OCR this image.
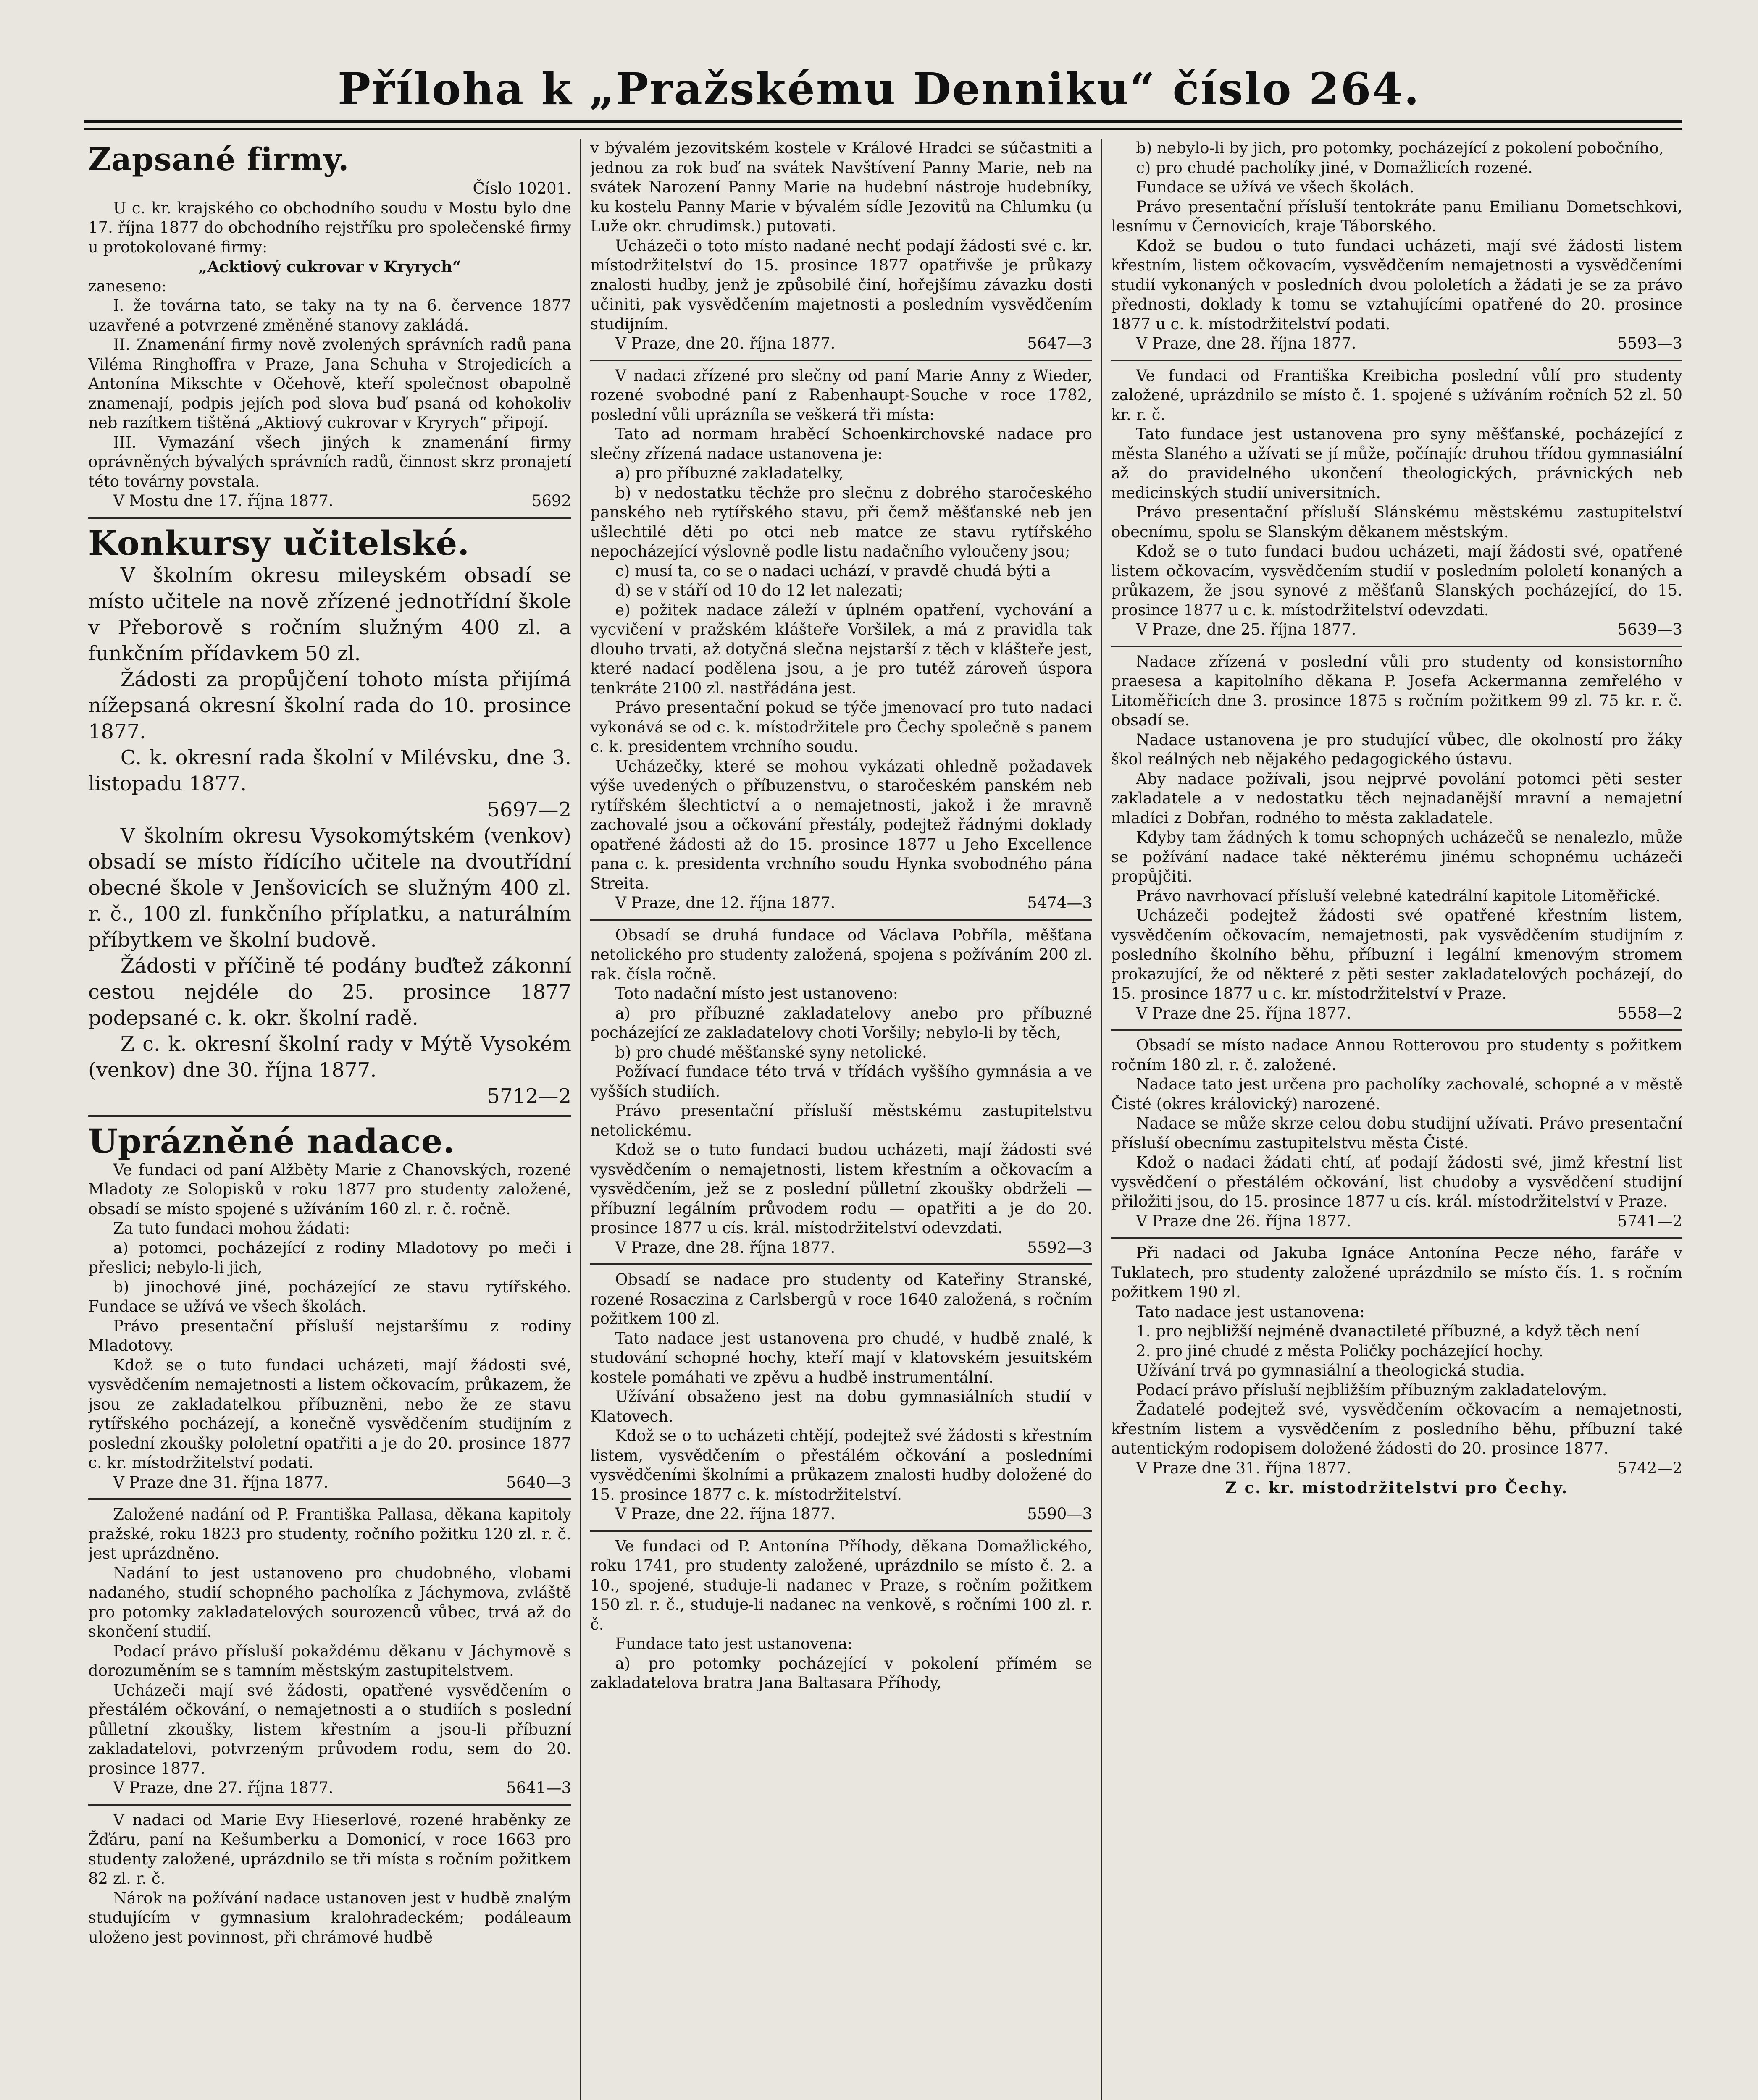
Příloha k „Pražskému Denniku“ číslo 264.
Zapsané firmy.

Číslo 10201.

U c. kr. krajského co obchodního soudu v Mostu bylo dne 17. října 1877 do obchodního rejstříku pro společenské firmy u protokolované firmy:

„Acktiový cukrovar v Kryrych“

zaneseno:

I. že továrna tato, se taky na ty na 6. července 1877 uzavřené a potvrzené změněné stanovy zakládá.

II. Znamenání firmy nově zvolených správních radů pana Viléma Ringhoffra v Praze, Jana Schuha v Strojedicích a Antonína Mikschte v Očehově, kteří společnost obapolně znamenají, podpis jejích pod slova buď psaná od kohokoliv neb razítkem tištěná „Aktiový cukrovar v Kryrych“ připojí.

III. Vymazání všech jiných k znamenání firmy oprávněných bývalých správních radů, činnost skrz pronajetí této továrny povstala.

V Mostu dne 17. října 1877.	5692

Konkursy učitelské.

V školním okresu mileyském obsadí se místo učitele na nově zřízené jednotřídní škole v Přeborově s ročním služným 400 zl. a funkčním přídavkem 50 zl.

Žádosti za propůjčení tohoto místa přijímá nížepsaná okresní školní rada do 10. prosince 1877.

C. k. okresní rada školní v Milévsku, dne 3. listopadu 1877.

5697—2

V školním okresu Vysokomýtském (venkov) obsadí se místo řídícího učitele na dvoutřídní obecné škole v Jenšovicích se služným 400 zl. r. č., 100 zl. funkčního příplatku, a naturálním příbytkem ve školní budově.

Žádosti v příčině té podány buďtež zákonní cestou nejdéle do 25. prosince 1877 podepsané c. k. okr. školní radě.

Z c. k. okresní školní rady v Mýtě Vysokém (venkov) dne 30. října 1877.

5712—2

Uprázněné nadace.

Ve fundaci od paní Alžběty Marie z Chanovských, rozené Mladoty ze Solopisků v roku 1877 pro studenty založené, obsadí se místo spojené s užíváním 160 zl. r. č. ročně.

Za tuto fundaci mohou žádati:

a) potomci, pocházející z rodiny Mladotovy po meči i přeslici; nebylo-li jich,

b) jinochové jiné, pocházející ze stavu rytířského. Fundace se užívá ve všech školách.

Právo presentační přísluší nejstaršímu z rodiny Mladotovy.

Kdož se o tuto fundaci ucházeti, mají žádosti své, vysvědčením nemajetnosti a listem očkovacím, průkazem, že jsou ze zakladatelkou příbuzněni, nebo že ze stavu rytířského pocházejí, a konečně vysvědčením studijním z poslední zkoušky pololetní opatřiti a je do 20. prosince 1877 c. kr. místodržitelství podati.

V Praze dne 31. října 1877.	5640—3

Založené nadání od P. Františka Pallasa, děkana kapitoly pražské, roku 1823 pro studenty, ročního požitku 120 zl. r. č. jest uprázdněno.

Nadání to jest ustanoveno pro chudobného, vlobami nadaného, studií schopného pacholíka z Jáchymova, zvláště pro potomky zakladatelových sourozenců vůbec, trvá až do skončení studií.

Podací právo přísluší pokaždému děkanu v Jáchymově s dorozuměním se s tamním městským zastupitelstvem.

Ucházeči mají své žádosti, opatřené vysvědčením o přestálém očkování, o nemajetnosti a o studiích s poslední půlletní zkoušky, listem křestním a jsou-li příbuzní zakladatelovi, potvrzeným průvodem rodu, sem do 20. prosince 1877.

V Praze, dne 27. října 1877.	5641—3

V nadaci od Marie Evy Hieserlové, rozené hraběnky ze Žďáru, paní na Kešumberku a Domonicí, v roce 1663 pro studenty založené, uprázdnilo se tři místa s ročním požitkem 82 zl. r. č.

Nárok na požívání nadace ustanoven jest v hudbě znalým studujícím v gymnasium kralohradeckém; podáleaum uloženo jest povinnost, při chrámové hudbě

v bývalém jezovitském kostele v Králové Hradci se súčastniti a jednou za rok buď na svátek Navštívení Panny Marie, neb na svátek Narození Panny Marie na hudební nástroje hudebníky, ku kostelu Panny Marie v bývalém sídle Jezovitů na Chlumku (u Luže okr. chrudimsk.) putovati.

Ucházeči o toto místo nadané nechť podají žádosti své c. kr. místodržitelství do 15. prosince 1877 opatřivše je průkazy znalosti hudby, jenž je způsobilé činí, hořejšímu závazku dosti učiniti, pak vysvědčením majetnosti a posledním vysvědčením studijním.

V Praze, dne 20. října 1877.	5647—3

V nadaci zřízené pro slečny od paní Marie Anny z Wieder, rozené svobodné paní z Rabenhaupt-Souche v roce 1782, poslední vůli uprázníla se veškerá tři místa:

Tato ad normam hraběcí Schoenkirchovské nadace pro slečny zřízená nadace ustanovena je:

a) pro příbuzné zakladatelky,

b) v nedostatku těchže pro slečnu z dobrého staročeského panského neb rytířského stavu, při čemž měšťanské neb jen ušlechtilé děti po otci neb matce ze stavu rytířského nepocházející výslovně podle listu nadačního vyloučeny jsou;

c) musí ta, co se o nadaci uchází, v pravdě chudá býti a

d) se v stáří od 10 do 12 let nalezati;

e) požitek nadace záleží v úplném opatření, vychování a vycvičení v pražském klášteře Voršilek, a má z pravidla tak dlouho trvati, až dotyčná slečna nejstarší z těch v klášteře jest, které nadací podělena jsou, a je pro tutéž zároveň úspora tenkráte 2100 zl. nastřádána jest.

Právo presentační pokud se týče jmenovací pro tuto nadaci vykonává se od c. k. místodržitele pro Čechy společně s panem c. k. presidentem vrchního soudu.

Ucházečky, které se mohou vykázati ohledně požadavek výše uvedených o příbuzenstvu, o staročeském panském neb rytířském šlechtictví a o nemajetnosti, jakož i že mravně zachovalé jsou a očkování přestály, podejtež řádnými doklady opatřené žádosti až do 15. prosince 1877 u Jeho Excellence pana c. k. presidenta vrchního soudu Hynka svobodného pána Streita.

V Praze, dne 12. října 1877.	5474—3

Obsadí se druhá fundace od Václava Pobříla, měšťana netolického pro studenty založená, spojena s požíváním 200 zl. rak. čísla ročně.

Toto nadační místo jest ustanoveno:

a) pro příbuzné zakladatelovy anebo pro příbuzné pocházející ze zakladatelovy choti Voršily; nebylo-li by těch,

b) pro chudé měšťanské syny netolické.

Požívací fundace této trvá v třídách vyššího gymnásia a ve vyšších studiích.

Právo presentační přísluší městskému zastupitelstvu netolickému.

Kdož se o tuto fundaci budou ucházeti, mají žádosti své vysvědčením o nemajetnosti, listem křestním a očkovacím a vysvědčením, jež se z poslední půlletní zkoušky obdrželi — příbuzní legálním průvodem rodu — opatřiti a je do 20. prosince 1877 u cís. král. místodržitelství odevzdati.

V Praze, dne 28. října 1877.	5592—3

Obsadí se nadace pro studenty od Kateřiny Stranské, rozené Rosaczina z Carlsbergů v roce 1640 založená, s ročním požitkem 100 zl.

Tato nadace jest ustanovena pro chudé, v hudbě znalé, k studování schopné hochy, kteří mají v klatovském jesuitském kostele pomáhati ve zpěvu a hudbě instrumentální.

Užívání obsaženo jest na dobu gymnasiálních studií v Klatovech.

Kdož se o to ucházeti chtějí, podejtež své žádosti s křestním listem, vysvědčením o přestálém očkování a posledními vysvědčeními školními a průkazem znalosti hudby doložené do 15. prosince 1877 c. k. místodržitelství.

V Praze, dne 22. října 1877.	5590—3

Ve fundaci od P. Antonína Příhody, děkana Domažlického, roku 1741, pro studenty založené, uprázdnilo se místo č. 2. a 10., spojené, studuje-li nadanec v Praze, s ročním požitkem 150 zl. r. č., studuje-li nadanec na venkově, s ročními 100 zl. r. č.

Fundace tato jest ustanovena:

a) pro potomky pocházející v pokolení přímém se zakladatelova bratra Jana Baltasara Příhody,

b) nebylo-li by jich, pro potomky, pocházející z pokolení pobočního,

c) pro chudé pacholíky jiné, v Domažlicích rozené.

Fundace se užívá ve všech školách.

Právo presentační přísluší tentokráte panu Emilianu Dometschkovi, lesnímu v Černovicích, kraje Táborského.

Kdož se budou o tuto fundaci ucházeti, mají své žádosti listem křestním, listem očkovacím, vysvědčením nemajetnosti a vysvědčeními studií vykonaných v posledních dvou pololetích a žádati je se za právo přednosti, doklady k tomu se vztahujícími opatřené do 20. prosince 1877 u c. k. místodržitelství podati.

V Praze, dne 28. října 1877.	5593—3

Ve fundaci od Františka Kreibicha poslední vůlí pro studenty založené, uprázdnilo se místo č. 1. spojené s užíváním ročních 52 zl. 50 kr. r. č.

Tato fundace jest ustanovena pro syny měšťanské, pocházející z města Slaného a užívati se jí může, počínajíc druhou třídou gymnasiální až do pravidelného ukončení theologických, právnických neb medicinských studií universitních.

Právo presentační přísluší Slánskému městskému zastupitelství obecnímu, spolu se Slanským děkanem městským.

Kdož se o tuto fundaci budou ucházeti, mají žádosti své, opatřené listem očkovacím, vysvědčením studií v posledním pololetí konaných a průkazem, že jsou synové z měšťanů Slanských pocházející, do 15. prosince 1877 u c. k. místodržitelství odevzdati.

V Praze, dne 25. října 1877.	5639—3

Nadace zřízená v poslední vůli pro studenty od konsistorního praesesa a kapitolního děkana P. Josefa Ackermanna zemřelého v Litoměřicích dne 3. prosince 1875 s ročním požitkem 99 zl. 75 kr. r. č. obsadí se.

Nadace ustanovena je pro studující vůbec, dle okolností pro žáky škol reálných neb nějakého pedagogického ústavu.

Aby nadace požívali, jsou nejprvé povolání potomci pěti sester zakladatele a v nedostatku těch nejnadanější mravní a nemajetní mladíci z Dobřan, rodného to města zakladatele.

Kdyby tam žádných k tomu schopných ucházečů se nenalezlo, může se požívání nadace také některému jinému schopnému ucházeči propůjčiti.

Právo navrhovací přísluší velebné katedrální kapitole Litoměřické.

Ucházeči podejtež žádosti své opatřené křestním listem, vysvědčením očkovacím, nemajetnosti, pak vysvědčením studijním z posledního školního běhu, příbuzní i legální kmenovým stromem prokazující, že od některé z pěti sester zakladatelových pocházejí, do 15. prosince 1877 u c. kr. místodržitelství v Praze.

V Praze dne 25. října 1877.	5558—2

Obsadí se místo nadace Annou Rotterovou pro studenty s požitkem ročním 180 zl. r. č. založené.

Nadace tato jest určena pro pacholíky zachovalé, schopné a v městě Čisté (okres královický) narozené.

Nadace se může skrze celou dobu studijní užívati. Právo presentační přísluší obecnímu zastupitelstvu města Čisté.

Kdož o nadaci žádati chtí, ať podají žádosti své, jimž křestní list vysvědčení o přestálém očkování, list chudoby a vysvědčení studijní přiložiti jsou, do 15. prosince 1877 u cís. král. místodržitelství v Praze.

V Praze dne 26. října 1877.	5741—2

Při nadaci od Jakuba Ignáce Antonína Pecze ného, faráře v Tuklatech, pro studenty založené uprázdnilo se místo čís. 1. s ročním požitkem 190 zl.

Tato nadace jest ustanovena:

1. pro nejbližší nejméně dvanactileté příbuzné, a když těch není

2. pro jiné chudé z města Poličky pocházející hochy.

Užívání trvá po gymnasiální a theologická studia.

Podací právo přísluší nejbližším příbuzným zakladatelovým.

Žadatelé podejtež své, vysvědčením očkovacím a nemajetnosti, křestním listem a vysvědčením z posledního běhu, příbuzní také autentickým rodopisem doložené žádosti do 20. prosince 1877.

V Praze dne 31. října 1877.	5742—2

Z c. kr. místodržitelství pro Čechy.
